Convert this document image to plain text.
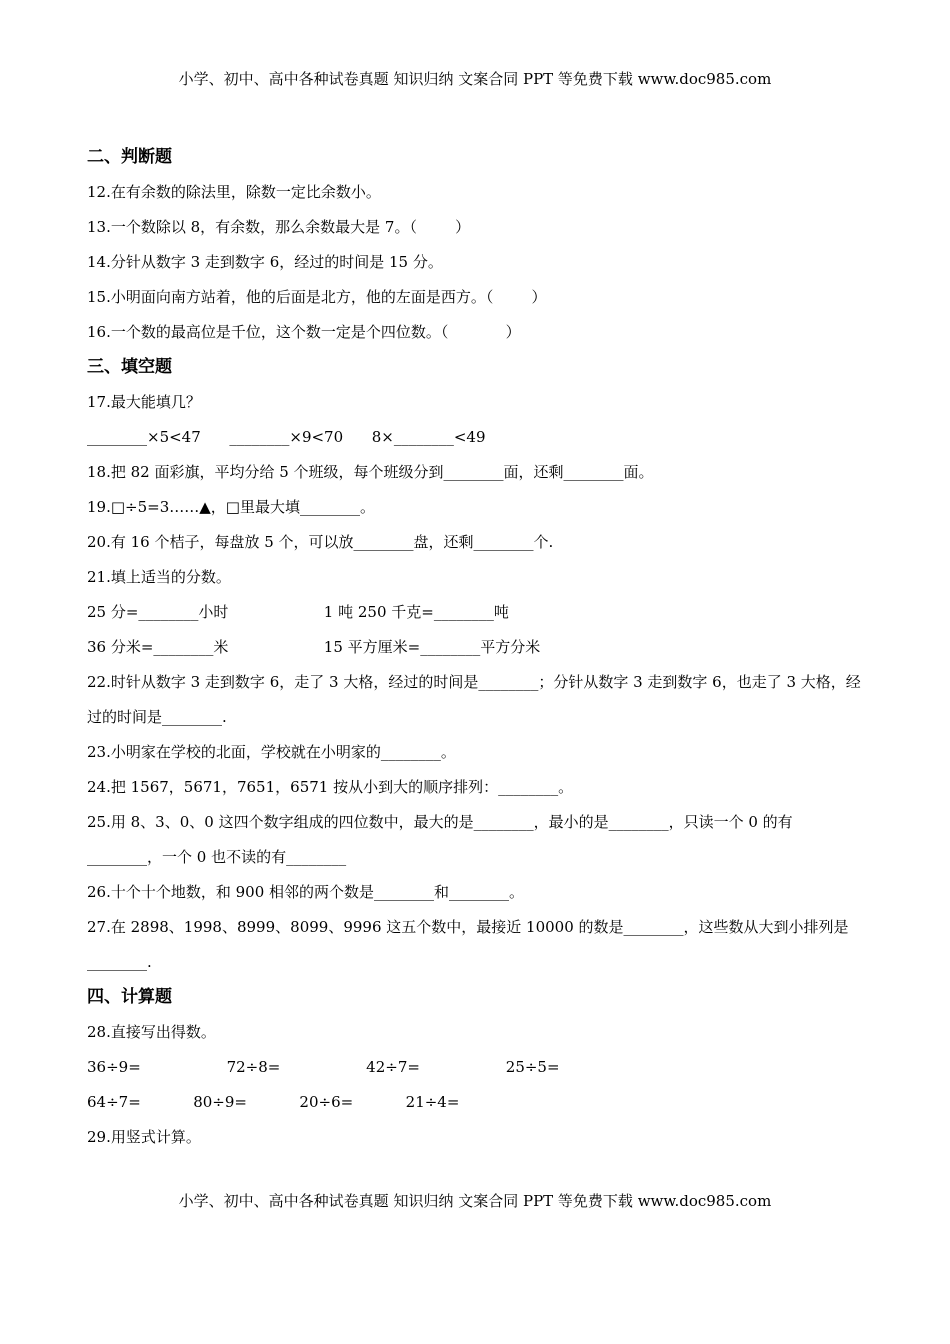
小学、初中、高中各种试卷真题 知识归纳 文案合同 PPT 等免费下载 www.doc985.com
二、判断题
12.在有余数的除法里，除数一定比余数小。
13.一个数除以 8，有余数，那么余数最大是 7。（        ）
14.分针从数字 3 走到数字 6，经过的时间是 15 分。
15.小明面向南方站着，他的后面是北方，他的左面是西方。（        ）
16.一个数的最高位是千位，这个数一定是个四位数。（            ）
三、填空题
17.最大能填几？
________×5<47      ________×9<70      8×________<49
18.把 82 面彩旗，平均分给 5 个班级，每个班级分到________面，还剩________面。
19.□÷5=3……▲，□里最大填________。
20.有 16 个桔子，每盘放 5 个，可以放________盘，还剩________个.
21.填上适当的分数。
25 分=________小时                    1 吨 250 千克=________吨
36 分米=________米                    15 平方厘米=________平方分米
22.时针从数字 3 走到数字 6，走了 3 大格，经过的时间是________；分针从数字 3 走到数字 6，也走了 3 大格，经过的时间是________.
23.小明家在学校的北面，学校就在小明家的________。
24.把 1567，5671，7651，6571 按从小到大的顺序排列：________。
25.用 8、3、0、0 这四个数字组成的四位数中，最大的是________，最小的是________，只读一个 0 的有________，一个 0 也不读的有________
26.十个十个地数，和 900 相邻的两个数是________和________。
27.在 2898、1998、8999、8099、9996 这五个数中，最接近 10000 的数是________，这些数从大到小排列是________.
四、计算题
28.直接写出得数。
36÷9=                  72÷8=                  42÷7=                  25÷5=
64÷7=           80÷9=           20÷6=           21÷4=
29.用竖式计算。
小学、初中、高中各种试卷真题 知识归纳 文案合同 PPT 等免费下载 www.doc985.com
